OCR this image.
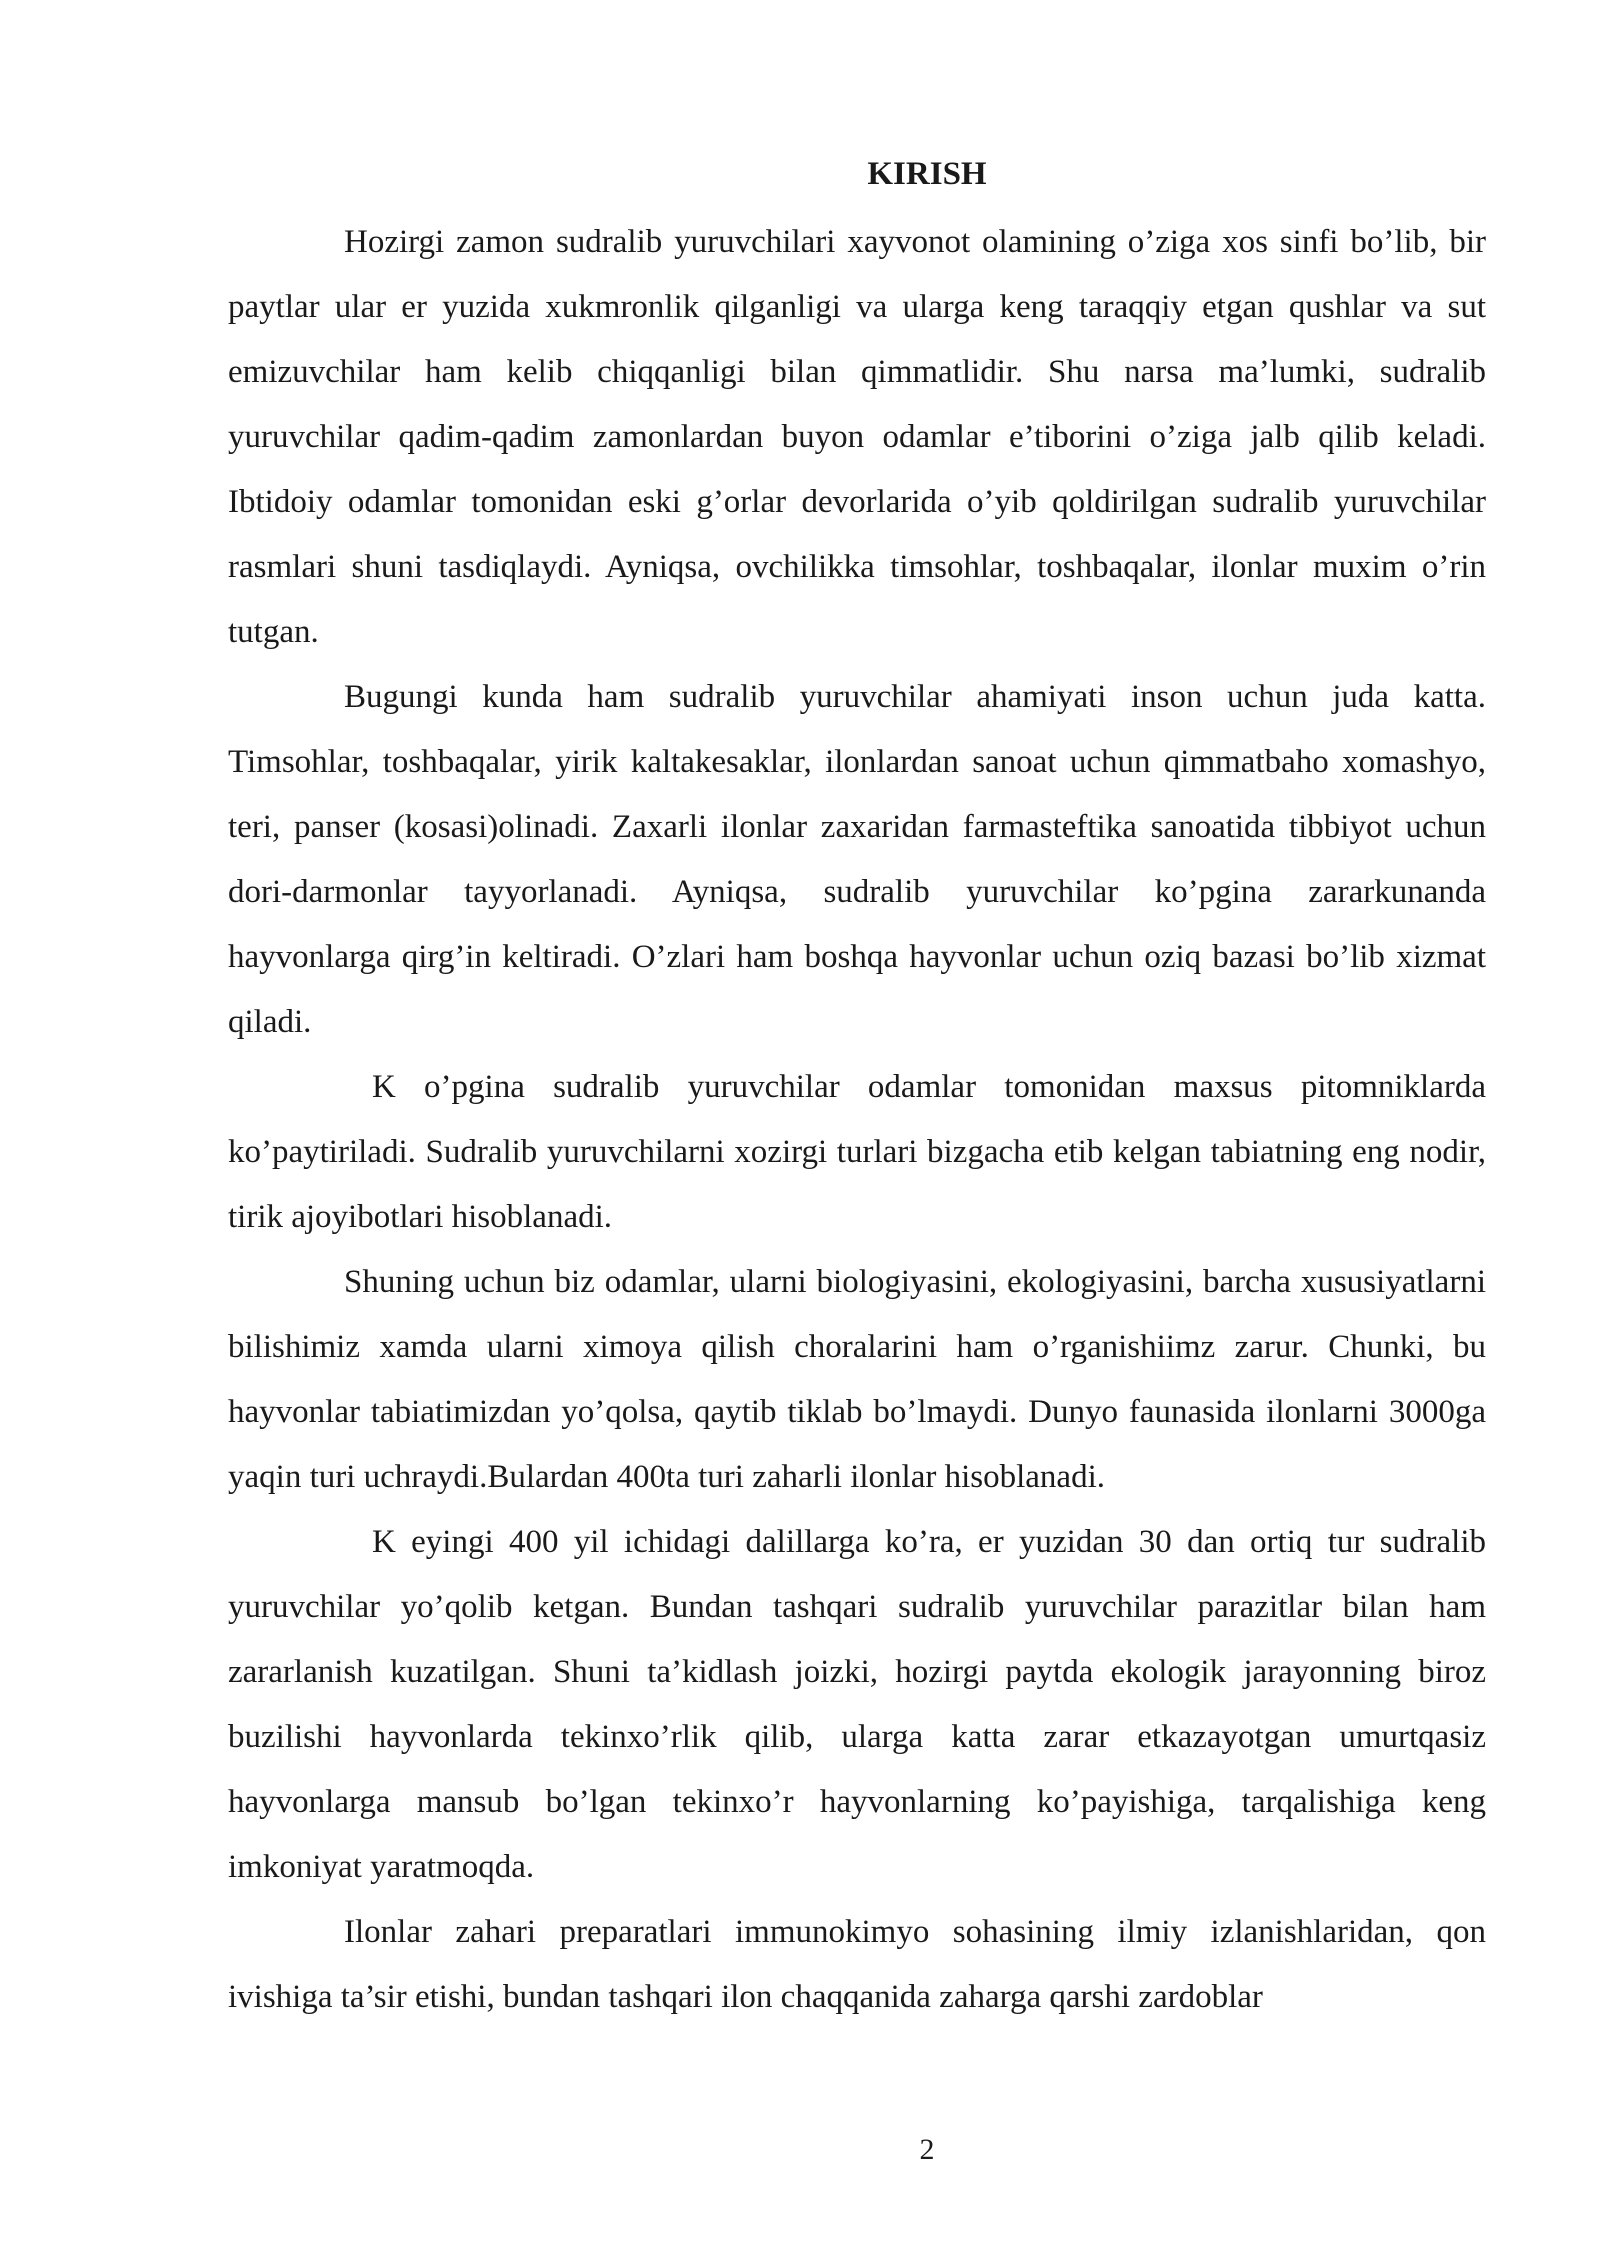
KIRISH

Hozirgi zamon sudralib yuruvchilari xayvonot olamining o’ziga xos sinfi bo’lib, bir paytlar ular er yuzida xukmronlik qilganligi va ularga keng taraqqiy etgan qushlar va sut emizuvchilar ham kelib chiqqanligi bilan qimmatlidir. Shu narsa ma’lumki, sudralib yuruvchilar qadim-qadim zamonlardan buyon odamlar e’tiborini o’ziga jalb qilib keladi. Ibtidoiy odamlar tomonidan eski g’orlar devorlarida o’yib qoldirilgan sudralib yuruvchilar rasmlari shuni tasdiqlaydi. Ayniqsa, ovchilikka timsohlar, toshbaqalar, ilonlar muxim o’rin tutgan.

Bugungi kunda ham sudralib yuruvchilar ahamiyati inson uchun juda katta. Timsohlar, toshbaqalar, yirik kaltakesaklar, ilonlardan sanoat uchun qimmatbaho xomashyo, teri, panser (kosasi)olinadi. Zaxarli ilonlar zaxaridan farmasteftika sanoatida tibbiyot uchun dori-darmonlar tayyorlanadi. Ayniqsa, sudralib yuruvchilar ko’pgina zararkunanda hayvonlarga qirg’in keltiradi. O’zlari ham boshqa hayvonlar uchun oziq bazasi bo’lib xizmat qiladi.

K o’pgina sudralib yuruvchilar odamlar tomonidan maxsus pitomniklarda ko’paytiriladi. Sudralib yuruvchilarni xozirgi turlari bizgacha etib kelgan tabiatning eng nodir, tirik ajoyibotlari hisoblanadi.

Shuning uchun biz odamlar, ularni biologiyasini, ekologiyasini, barcha xususiyatlarni bilishimiz xamda ularni ximoya qilish choralarini ham o’rganishiimz zarur. Chunki, bu hayvonlar tabiatimizdan yo’qolsa, qaytib tiklab bo’lmaydi. Dunyo faunasida ilonlarni 3000ga yaqin turi uchraydi.Bulardan 400ta turi zaharli ilonlar hisoblanadi.

K eyingi 400 yil ichidagi dalillarga ko’ra, er yuzidan 30 dan ortiq tur sudralib yuruvchilar yo’qolib ketgan. Bundan tashqari sudralib yuruvchilar parazitlar bilan ham zararlanish kuzatilgan. Shuni ta’kidlash joizki, hozirgi paytda ekologik jarayonning biroz buzilishi hayvonlarda tekinxo’rlik qilib, ularga katta zarar etkazayotgan umurtqasiz hayvonlarga mansub bo’lgan tekinxo’r hayvonlarning ko’payishiga, tarqalishiga keng imkoniyat yaratmoqda.

Ilonlar zahari preparatlari immunokimyo sohasining ilmiy izlanishlaridan, qon ivishiga ta’sir etishi, bundan tashqari ilon chaqqanida zaharga qarshi zardoblar

2
